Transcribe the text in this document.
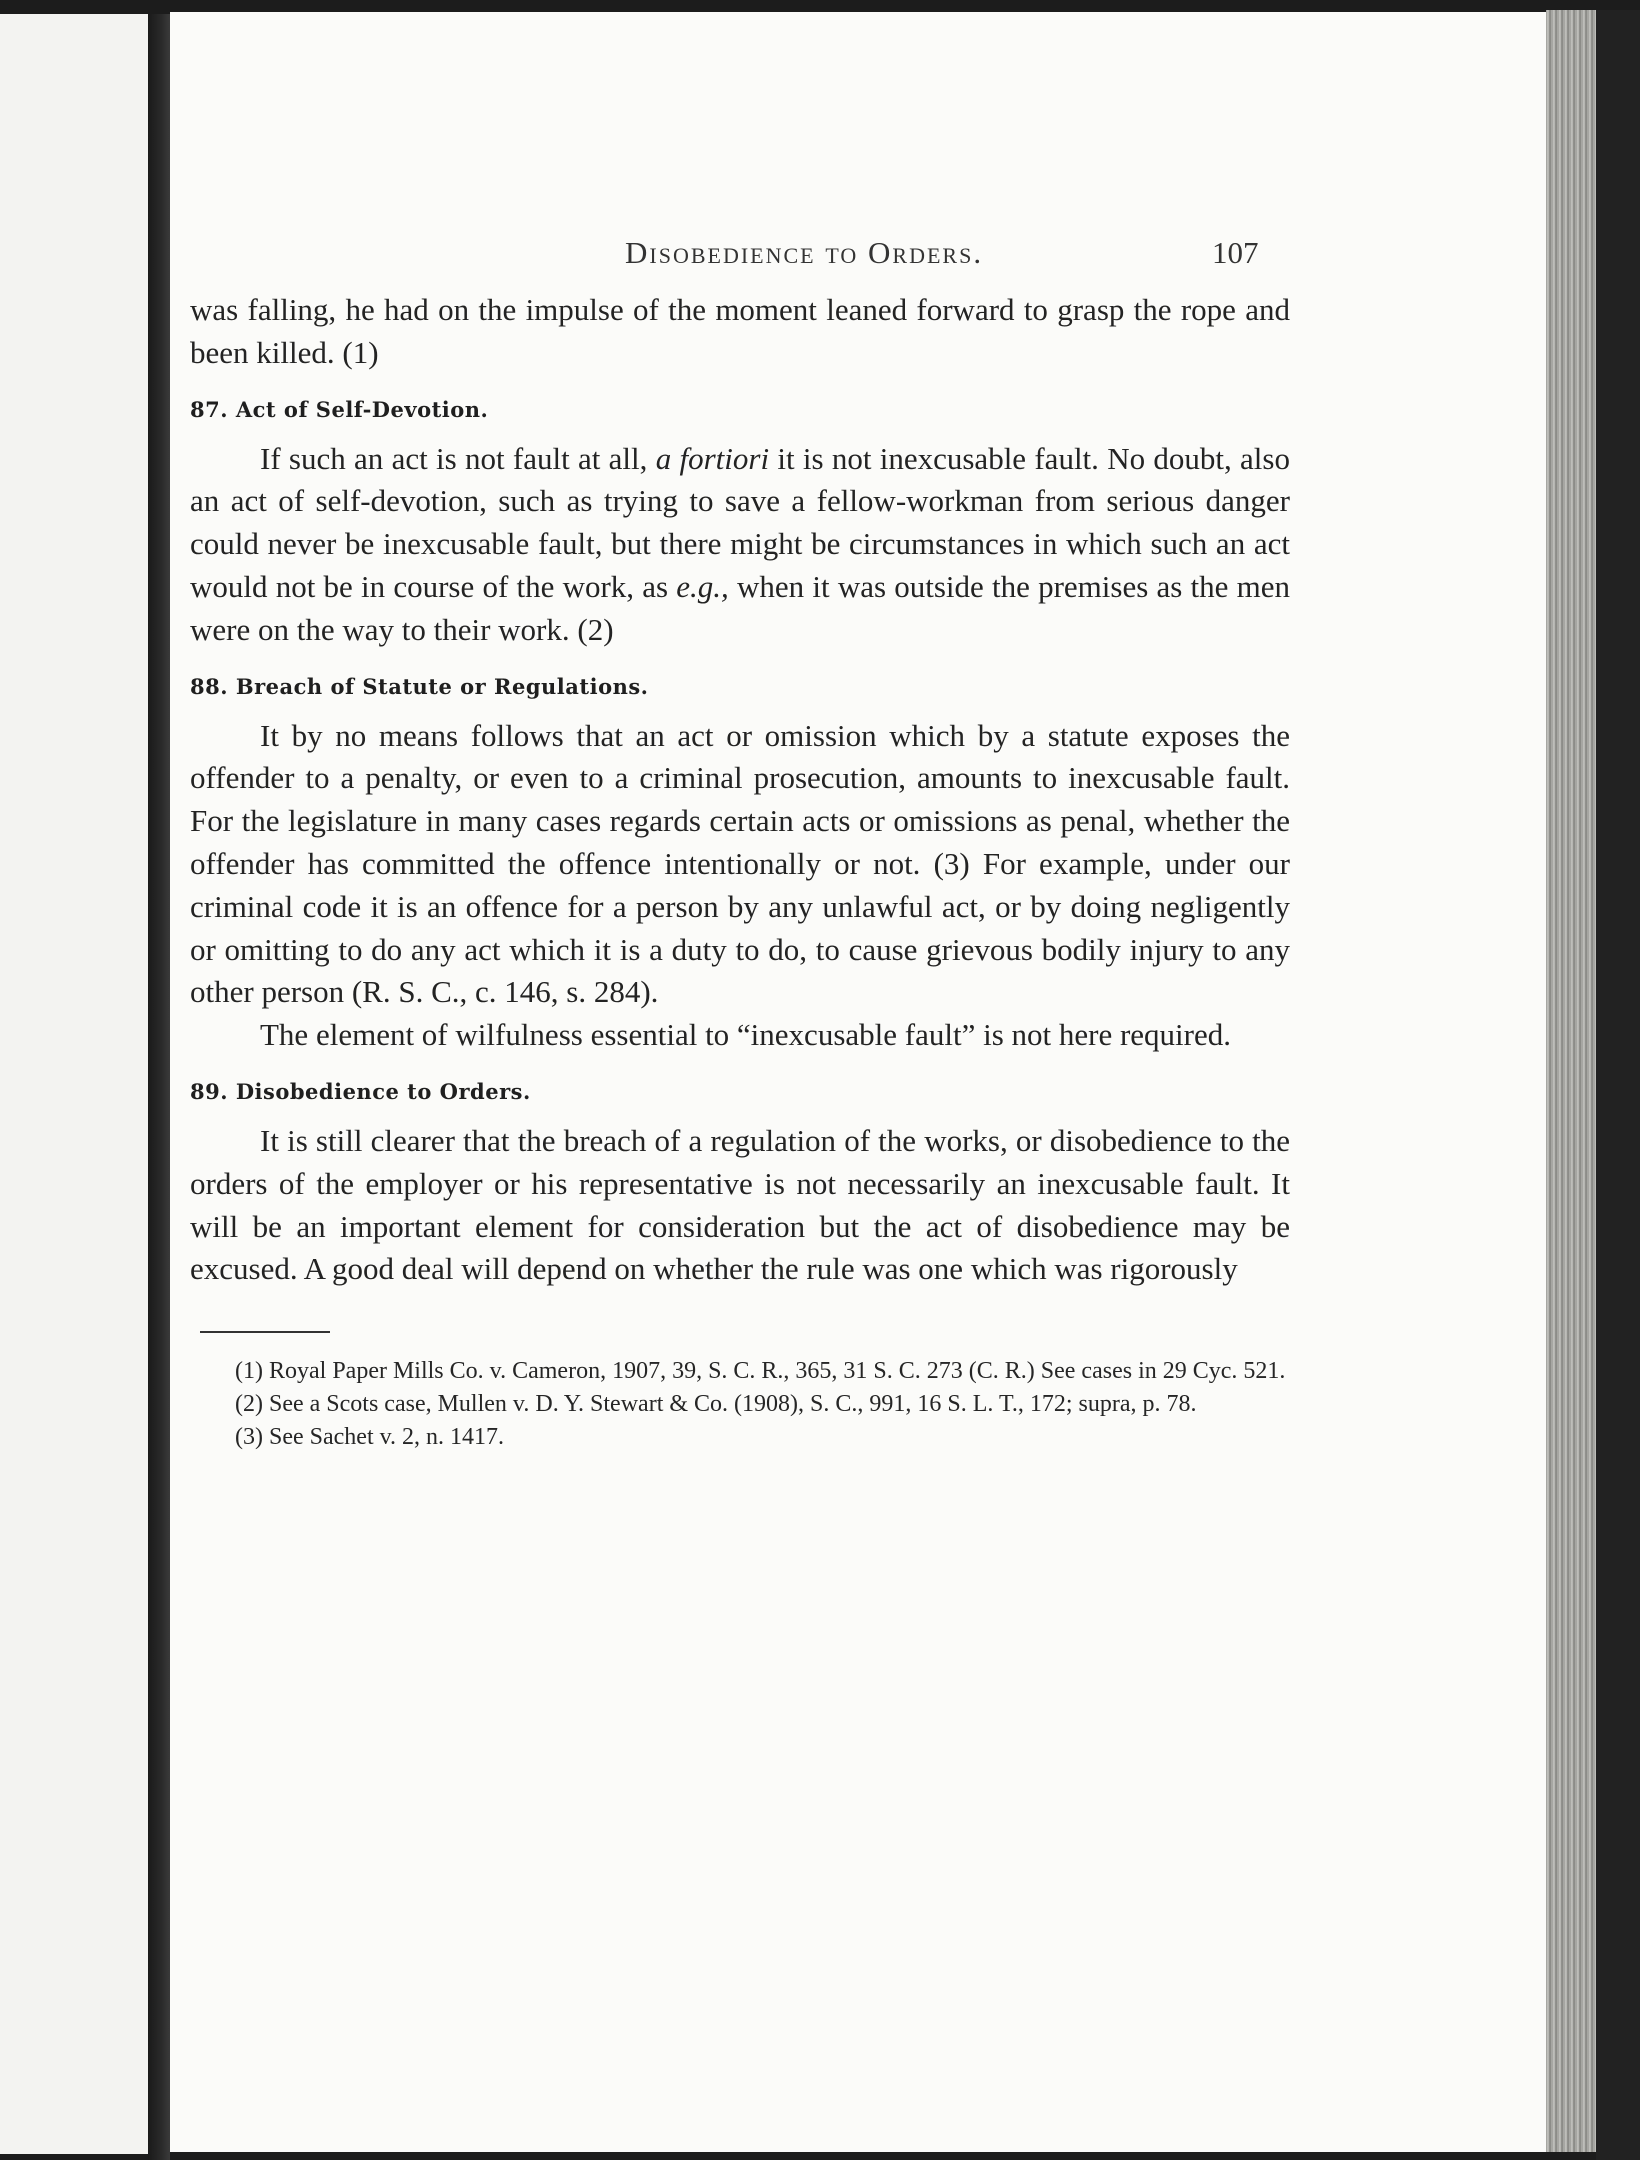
Disobedience to Orders.	107

was falling, he had on the impulse of the moment leaned forward to grasp the rope and been killed. (1)

87. Act of Self-Devotion.

If such an act is not fault at all, a fortiori it is not inexcusable fault. No doubt, also an act of self-devotion, such as trying to save a fellow-workman from serious danger could never be inexcusable fault, but there might be circumstances in which such an act would not be in course of the work, as e.g., when it was outside the premises as the men were on the way to their work. (2)

88. Breach of Statute or Regulations.

It by no means follows that an act or omission which by a statute exposes the offender to a penalty, or even to a criminal prosecution, amounts to inexcusable fault. For the legislature in many cases regards certain acts or omissions as penal, whether the offender has committed the offence intentionally or not. (3) For example, under our criminal code it is an offence for a person by any unlawful act, or by doing negligently or omitting to do any act which it is a duty to do, to cause grievous bodily injury to any other person (R. S. C., c. 146, s. 284).

The element of wilfulness essential to “inexcusable fault” is not here required.

89. Disobedience to Orders.

It is still clearer that the breach of a regulation of the works, or disobedience to the orders of the employer or his representative is not necessarily an inexcusable fault. It will be an important element for consideration but the act of disobedience may be excused. A good deal will depend on whether the rule was one which was rigorously

(1) Royal Paper Mills Co. v. Cameron, 1907, 39, S. C. R., 365, 31 S. C. 273 (C. R.) See cases in 29 Cyc. 521.

(2) See a Scots case, Mullen v. D. Y. Stewart & Co. (1908), S. C., 991, 16 S. L. T., 172; supra, p. 78.

(3) See Sachet v. 2, n. 1417.
